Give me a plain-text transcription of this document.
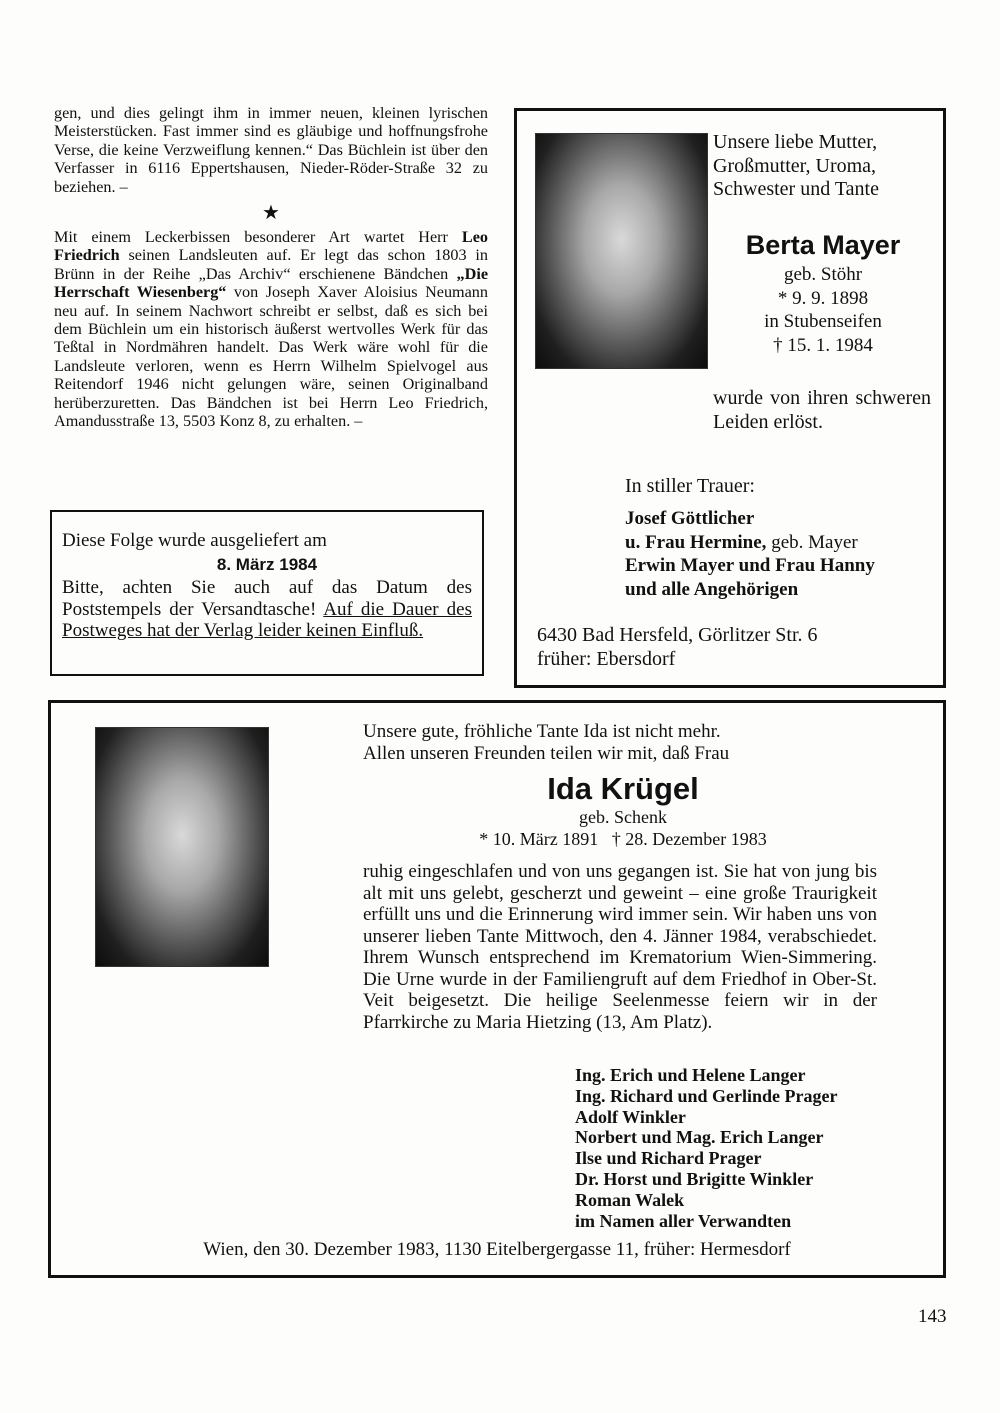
gen, und dies gelingt ihm in immer neuen, kleinen lyrischen Meisterstücken. Fast immer sind es gläubige und hoffnungsfrohe Verse, die keine Verzweiflung kennen.“ Das Büchlein ist über den Verfasser in 6116 Eppertshausen, Nieder-Röder-Straße 32 zu beziehen. –

★

Mit einem Leckerbissen besonderer Art wartet Herr Leo Friedrich seinen Landsleuten auf. Er legt das schon 1803 in Brünn in der Reihe „Das Archiv“ erschienene Bändchen „Die Herrschaft Wiesenberg“ von Joseph Xaver Aloisius Neumann neu auf. In seinem Nachwort schreibt er selbst, daß es sich bei dem Büchlein um ein historisch äußerst wertvolles Werk für das Teßtal in Nordmähren handelt. Das Werk wäre wohl für die Landsleute verloren, wenn es Herrn Wilhelm Spielvogel aus Reitendorf 1946 nicht gelungen wäre, seinen Originalband herüberzuretten. Das Bändchen ist bei Herrn Leo Friedrich, Amandusstraße 13, 5503 Konz 8, zu erhalten. –

Diese Folge wurde ausgeliefert am

8. März 1984

Bitte, achten Sie auch auf das Datum des Poststempels der Versandtasche! Auf die Dauer des Postweges hat der Verlag leider keinen Einfluß.

Unsere liebe Mutter, Großmutter, Uroma, Schwester und Tante
Berta Mayer

geb. Stöhr

* 9. 9. 1898

in Stubenseifen

† 15. 1. 1984

wurde von ihren schweren Leiden erlöst.
In stiller Trauer:

Josef Göttlicher

u. Frau Hermine, geb. Mayer

Erwin Mayer und Frau Hanny

und alle Angehörigen

6430 Bad Hersfeld, Görlitzer Str. 6

früher: Ebersdorf

Unsere gute, fröhliche Tante Ida ist nicht mehr.

Allen unseren Freunden teilen wir mit, daß Frau

Ida Krügel

geb. Schenk

* 10. März 1891   † 28. Dezember 1983

ruhig eingeschlafen und von uns gegangen ist. Sie hat von jung bis alt mit uns gelebt, gescherzt und geweint – eine große Traurigkeit erfüllt uns und die Erinnerung wird immer sein. Wir haben uns von unserer lieben Tante Mittwoch, den 4. Jänner 1984, verabschiedet. Ihrem Wunsch entsprechend im Krematorium Wien-Simmering. Die Urne wurde in der Familiengruft auf dem Friedhof in Ober-St. Veit beigesetzt. Die heilige Seelenmesse feiern wir in der Pfarrkirche zu Maria Hietzing (13, Am Platz).

Ing. Erich und Helene Langer

Ing. Richard und Gerlinde Prager

Adolf Winkler

Norbert und Mag. Erich Langer

Ilse und Richard Prager

Dr. Horst und Brigitte Winkler

Roman Walek

im Namen aller Verwandten

Wien, den 30. Dezember 1983, 1130 Eitelbergergasse 11, früher: Hermesdorf
143
